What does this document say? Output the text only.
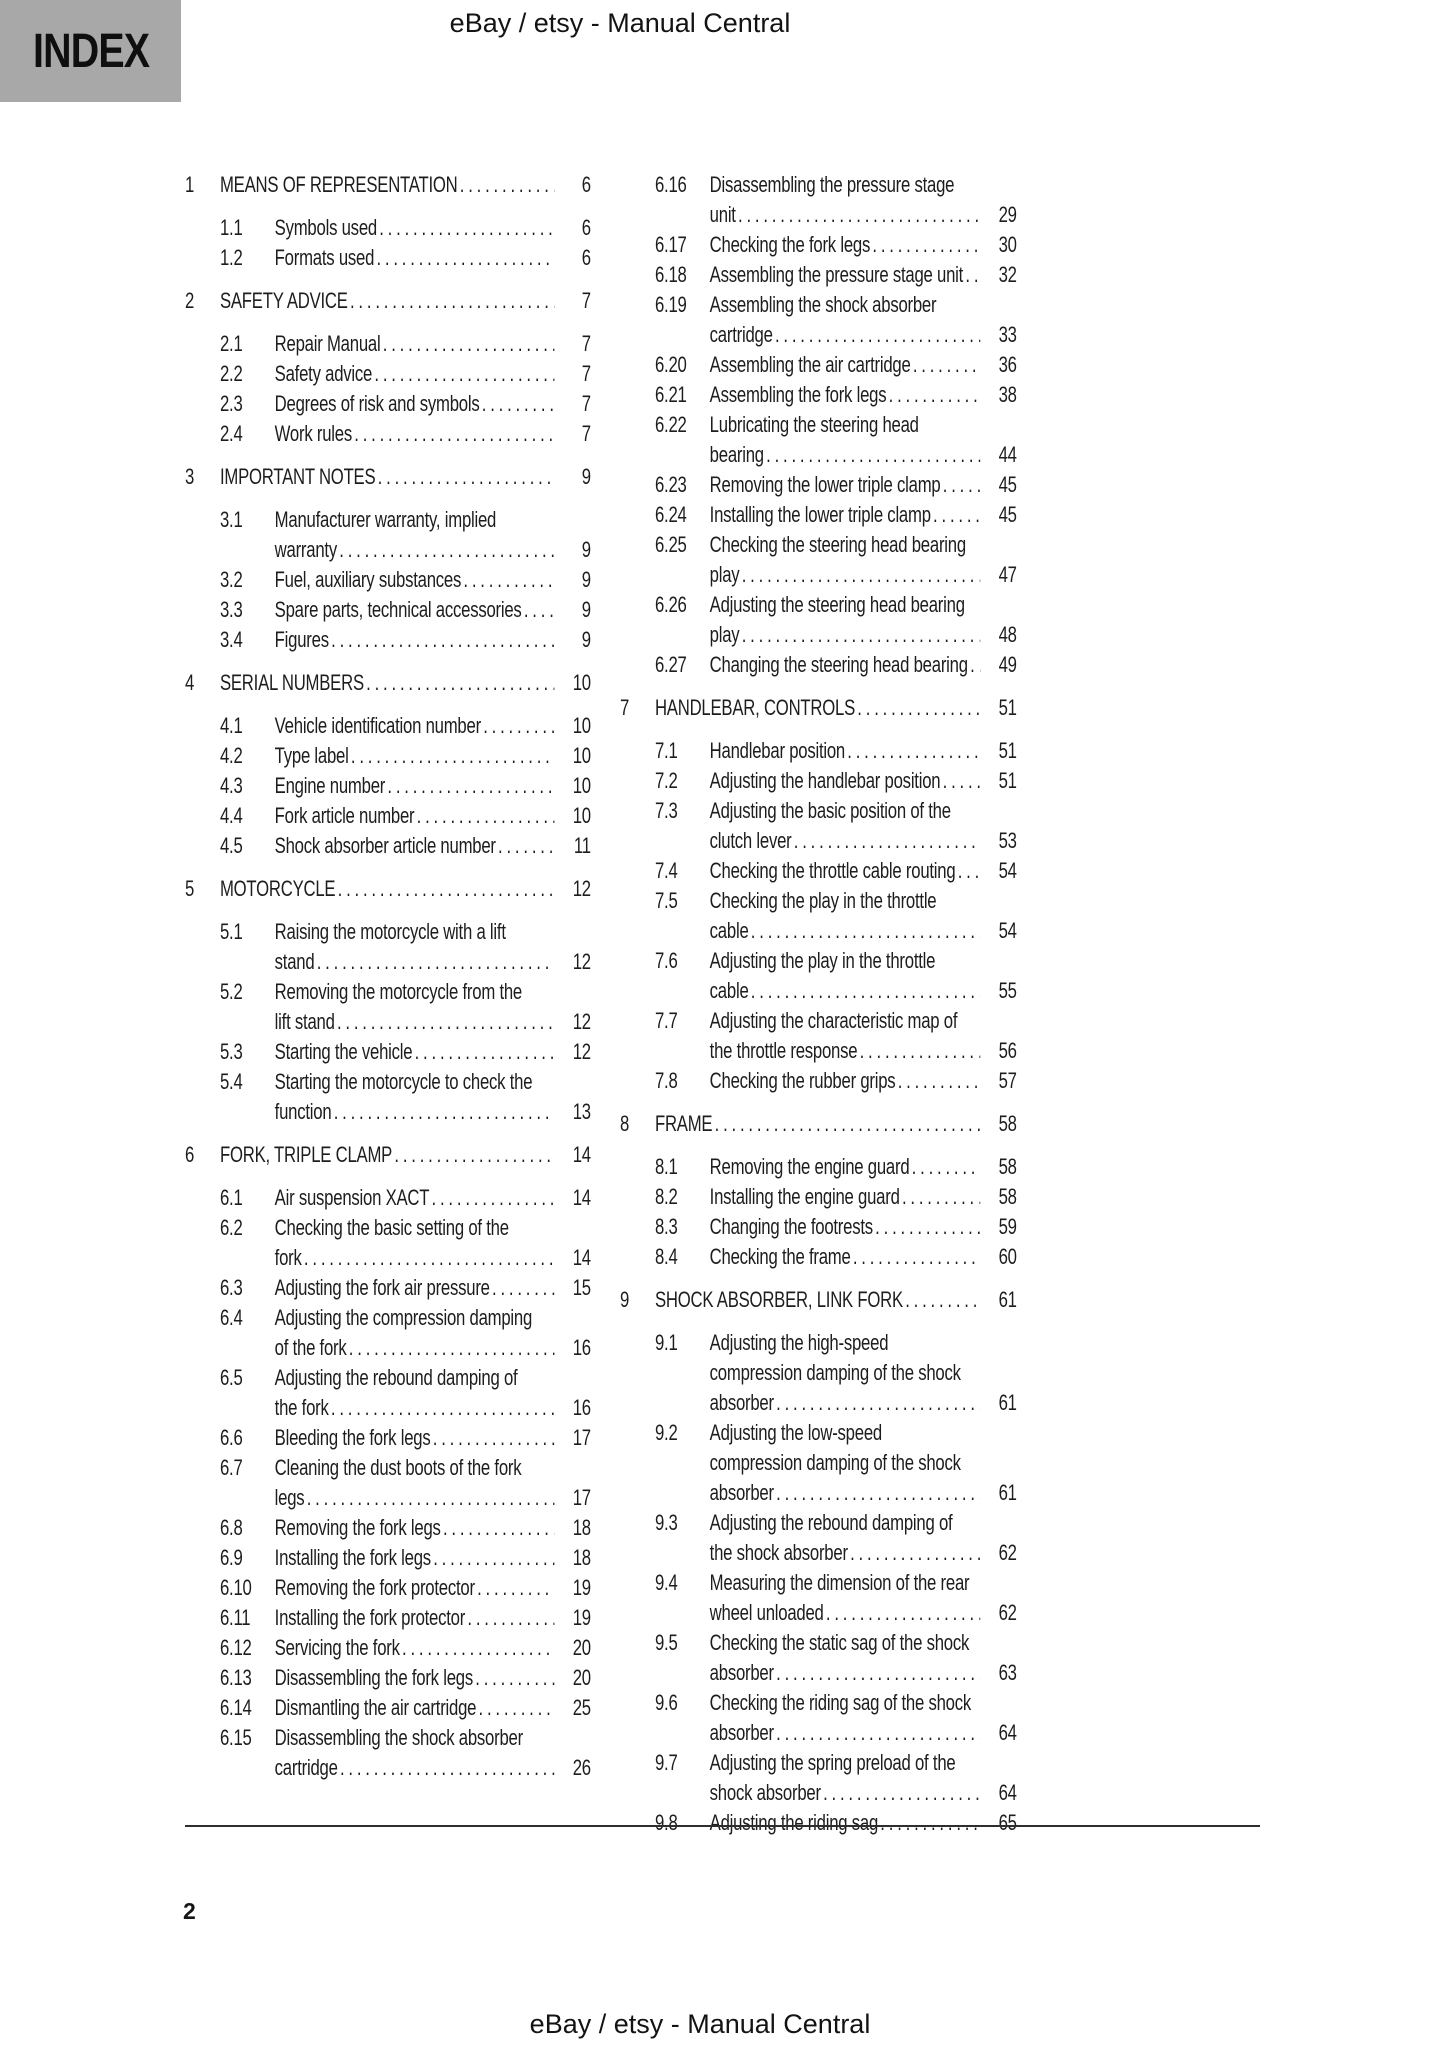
INDEX
eBay / etsy - Manual Central
1	MEANS OF REPRESENTATION .....	6
1.1	Symbols used .....	6
1.2	Formats used .....	6
2	SAFETY ADVICE .....	7
2.1	Repair Manual .....	7
2.2	Safety advice .....	7
2.3	Degrees of risk and symbols .....	7
2.4	Work rules .....	7
3	IMPORTANT NOTES .....	9
3.1	Manufacturer warranty, implied
warranty .....	9
3.2	Fuel, auxiliary substances .....	9
3.3	Spare parts, technical accessories .....	9
3.4	Figures .....	9
4	SERIAL NUMBERS .....	10
4.1	Vehicle identification number .....	10
4.2	Type label .....	10
4.3	Engine number .....	10
4.4	Fork article number .....	10
4.5	Shock absorber article number .....	11
5	MOTORCYCLE .....	12
5.1	Raising the motorcycle with a lift
stand .....	12
5.2	Removing the motorcycle from the
lift stand .....	12
5.3	Starting the vehicle .....	12
5.4	Starting the motorcycle to check the
function .....	13
6	FORK, TRIPLE CLAMP .....	14
6.1	Air suspension XACT .....	14
6.2	Checking the basic setting of the
fork .....	14
6.3	Adjusting the fork air pressure .....	15
6.4	Adjusting the compression damping
of the fork .....	16
6.5	Adjusting the rebound damping of
the fork .....	16
6.6	Bleeding the fork legs .....	17
6.7	Cleaning the dust boots of the fork
legs .....	17
6.8	Removing the fork legs .....	18
6.9	Installing the fork legs .....	18
6.10	Removing the fork protector .....	19
6.11	Installing the fork protector .....	19
6.12	Servicing the fork .....	20
6.13	Disassembling the fork legs .....	20
6.14	Dismantling the air cartridge .....	25
6.15	Disassembling the shock absorber
cartridge .....	26
6.16	Disassembling the pressure stage
unit .....	29
6.17	Checking the fork legs .....	30
6.18	Assembling the pressure stage unit .....	32
6.19	Assembling the shock absorber
cartridge .....	33
6.20	Assembling the air cartridge .....	36
6.21	Assembling the fork legs .....	38
6.22	Lubricating the steering head
bearing .....	44
6.23	Removing the lower triple clamp .....	45
6.24	Installing the lower triple clamp .....	45
6.25	Checking the steering head bearing
play .....	47
6.26	Adjusting the steering head bearing
play .....	48
6.27	Changing the steering head bearing .....	49
7	HANDLEBAR, CONTROLS .....	51
7.1	Handlebar position .....	51
7.2	Adjusting the handlebar position .....	51
7.3	Adjusting the basic position of the
clutch lever .....	53
7.4	Checking the throttle cable routing .....	54
7.5	Checking the play in the throttle
cable .....	54
7.6	Adjusting the play in the throttle
cable .....	55
7.7	Adjusting the characteristic map of
the throttle response .....	56
7.8	Checking the rubber grips .....	57
8	FRAME .....	58
8.1	Removing the engine guard .....	58
8.2	Installing the engine guard .....	58
8.3	Changing the footrests .....	59
8.4	Checking the frame .....	60
9	SHOCK ABSORBER, LINK FORK .....	61
9.1	Adjusting the high-speed
compression damping of the shock
absorber .....	61
9.2	Adjusting the low-speed
compression damping of the shock
absorber .....	61
9.3	Adjusting the rebound damping of
the shock absorber .....	62
9.4	Measuring the dimension of the rear
wheel unloaded .....	62
9.5	Checking the static sag of the shock
absorber .....	63
9.6	Checking the riding sag of the shock
absorber .....	64
9.7	Adjusting the spring preload of the
shock absorber .....	64
9.8	Adjusting the riding sag .....	65
2
eBay / etsy - Manual Central
